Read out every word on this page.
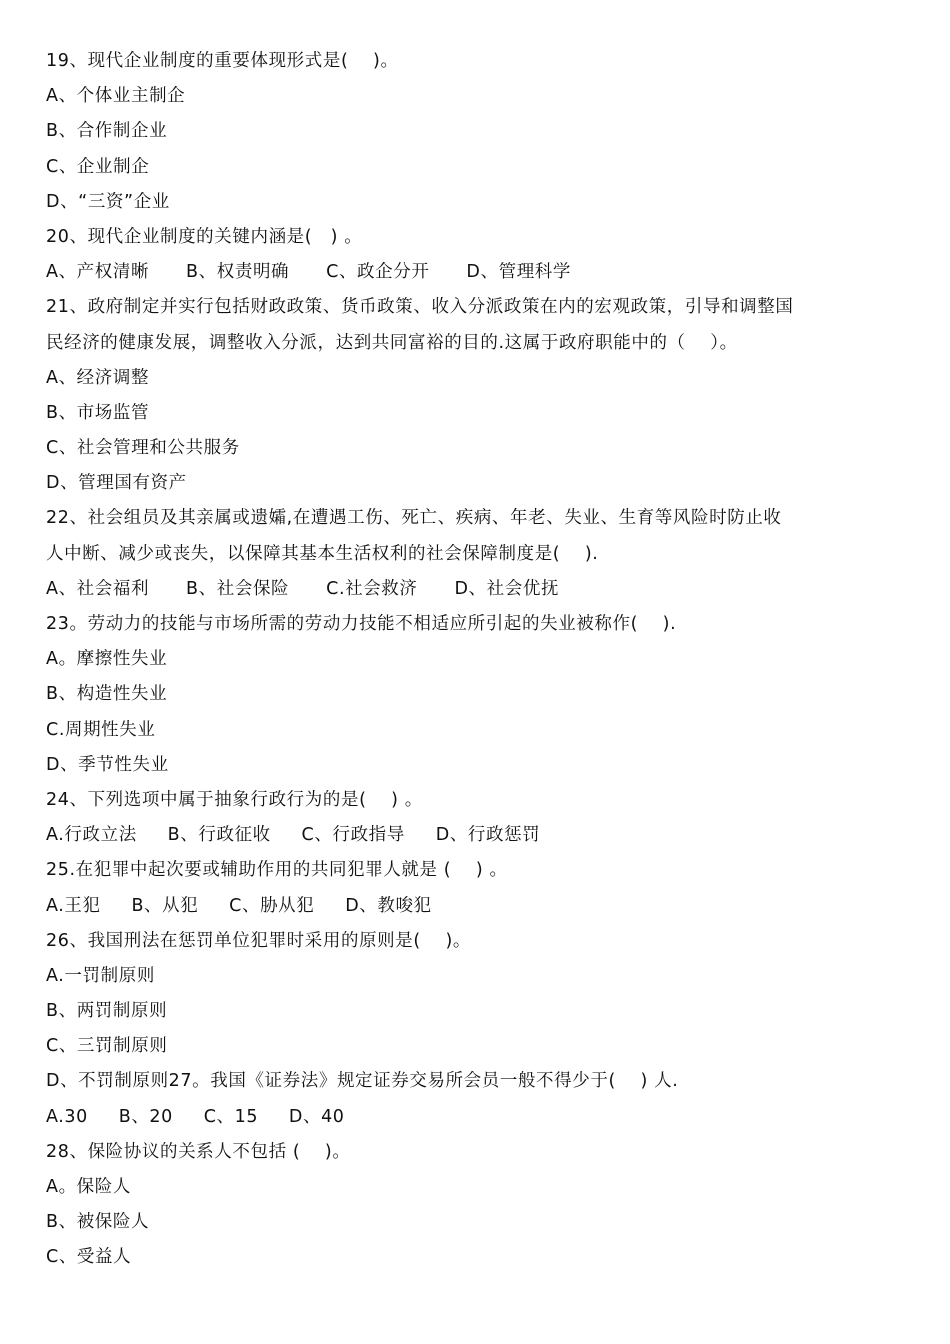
19、现代企业制度的重要体现形式是(    )。
A、个体业主制企
B、合作制企业
C、企业制企
D、“三资”企业
20、现代企业制度的关键内涵是(   ) 。
A、产权清晰      B、权责明确      C、政企分开      D、管理科学
21、政府制定并实行包括财政政策、货币政策、收入分派政策在内的宏观政策，引导和调整国
民经济的健康发展，调整收入分派，达到共同富裕的目的.这属于政府职能中的（    ）。
A、经济调整
B、市场监管
C、社会管理和公共服务
D、管理国有资产
22、社会组员及其亲属或遗孀,在遭遇工伤、死亡、疾病、年老、失业、生育等风险时防止收
人中断、减少或丧失，以保障其基本生活权利的社会保障制度是(    ).
A、社会福利      B、社会保险      C.社会救济      D、社会优抚
23。劳动力的技能与市场所需的劳动力技能不相适应所引起的失业被称作(    ).
A。摩擦性失业
B、构造性失业
C.周期性失业
D、季节性失业
24、下列选项中属于抽象行政行为的是(    ) 。
A.行政立法     B、行政征收     C、行政指导     D、行政惩罚
25.在犯罪中起次要或辅助作用的共同犯罪人就是 (    ) 。
A.王犯     B、从犯     C、胁从犯     D、教唆犯
26、我国刑法在惩罚单位犯罪时采用的原则是(    )。
A.一罚制原则
B、两罚制原则
C、三罚制原则
D、不罚制原则27。我国《证券法》规定证券交易所会员一般不得少于(    ) 人.
A.30     B、20     C、15     D、40
28、保险协议的关系人不包括 (    )。
A。保险人
B、被保险人
C、受益人
